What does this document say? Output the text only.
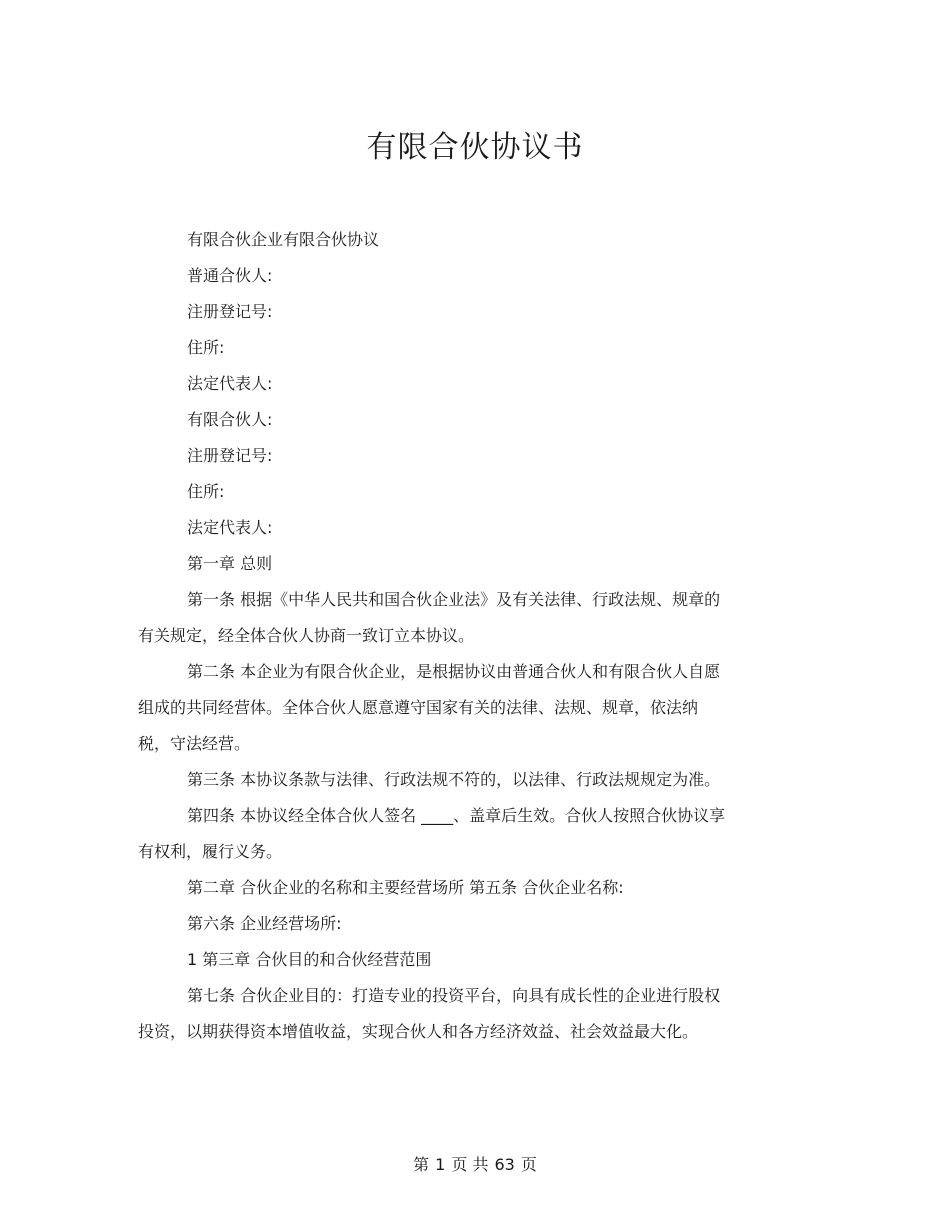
有限合伙协议书
有限合伙企业有限合伙协议
普通合伙人:
注册登记号:
住所:
法定代表人:
有限合伙人:
注册登记号:
住所:
法定代表人:
第一章 总则
第一条 根据《中华人民共和国合伙企业法》及有关法律、行政法规、规章的
有关规定，经全体合伙人协商一致订立本协议。
第二条 本企业为有限合伙企业，是根据协议由普通合伙人和有限合伙人自愿
组成的共同经营体。全体合伙人愿意遵守国家有关的法律、法规、规章，依法纳
税，守法经营。
第三条 本协议条款与法律、行政法规不符的，以法律、行政法规规定为准。
第四条 本协议经全体合伙人签名 ____、盖章后生效。合伙人按照合伙协议享
有权利，履行义务。
第二章 合伙企业的名称和主要经营场所 第五条 合伙企业名称:
第六条 企业经营场所:
1 第三章 合伙目的和合伙经营范围
第七条 合伙企业目的：打造专业的投资平台，向具有成长性的企业进行股权
投资，以期获得资本增值收益，实现合伙人和各方经济效益、社会效益最大化。
第 1 页 共 63 页
